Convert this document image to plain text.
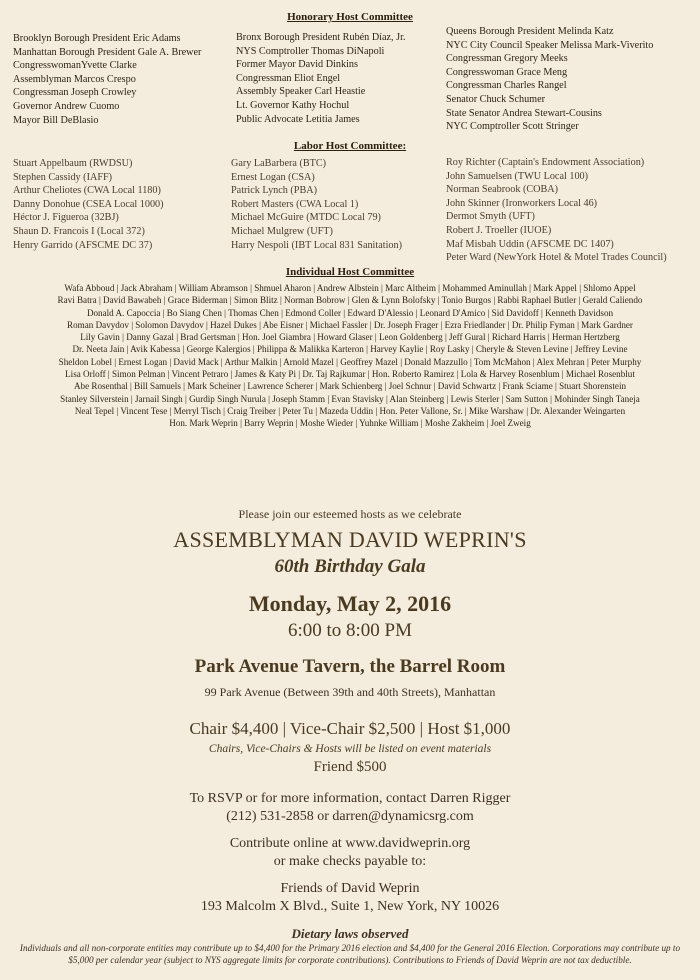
Honorary Host Committee
Brooklyn Borough President Eric Adams
Manhattan Borough President Gale A. Brewer
CongresswomanYvette Clarke
Assemblyman Marcos Crespo
Congressman Joseph Crowley
Governor Andrew Cuomo
Mayor Bill DeBlasio
Bronx Borough President Rubén Díaz, Jr.
NYS Comptroller Thomas DiNapoli
Former Mayor David Dinkins
Congressman Eliot Engel
Assembly Speaker Carl Heastie
Lt. Governor Kathy Hochul
Public Advocate Letitia James
Queens Borough President Melinda Katz
NYC City Council Speaker Melissa Mark-Viverito
Congressman Gregory Meeks
Congresswoman Grace Meng
Congressman Charles Rangel
Senator Chuck Schumer
State Senator Andrea Stewart-Cousins
NYC Comptroller Scott Stringer
Labor Host Committee:
Stuart Appelbaum (RWDSU)
Stephen Cassidy (IAFF)
Arthur Cheliotes (CWA Local 1180)
Danny Donohue (CSEA Local 1000)
Héctor J. Figueroa (32BJ)
Shaun D. Francois I (Local 372)
Henry Garrido (AFSCME DC 37)
Gary LaBarbera (BTC)
Ernest Logan (CSA)
Patrick Lynch (PBA)
Robert Masters (CWA Local 1)
Michael McGuire (MTDC Local 79)
Michael Mulgrew (UFT)
Harry Nespoli (IBT Local 831 Sanitation)
Roy Richter (Captain's Endowment Association)
John Samuelsen (TWU Local 100)
Norman Seabrook (COBA)
John Skinner (Ironworkers Local 46)
Dermot Smyth (UFT)
Robert J. Troeller (IUOE)
Maf Misbah Uddin (AFSCME DC 1407)
Peter Ward (NewYork Hotel & Motel Trades Council)
Individual Host Committee
Wafa Abboud | Jack Abraham | William Abramson | Shmuel Aharon | Andrew Albstein | Marc Altheim | Mohammed Aminullah | Mark Appel | Shlomo Appel
Ravi Batra | David Bawabeh | Grace Biderman | Simon Blitz | Norman Bobrow | Glen & Lynn Bolofsky | Tonio Burgos | Rabbi Raphael Butler | Gerald Caliendo
Donald A. Capoccia | Bo Siang Chen | Thomas Chen | Edmond Coller | Edward D'Alessio | Leonard D'Amico | Sid Davidoff | Kenneth Davidson
Roman Davydov | Solomon Davydov | Hazel Dukes | Abe Eisner | Michael Fassler | Dr. Joseph Frager | Ezra Friedlander | Dr. Philip Fyman | Mark Gardner
Lily Gavin | Danny Gazal | Brad Gertsman | Hon. Joel Giambra | Howard Glaser | Leon Goldenberg | Jeff Gural | Richard Harris | Herman Hertzberg
Dr. Neeta Jain | Avik Kabessa | George Kalergios | Philippa & Malikka Karteron | Harvey Kaylie | Roy Lasky | Cheryle & Steven Levine | Jeffrey Levine
Sheldon Lobel | Ernest Logan | David Mack | Arthur Malkin | Arnold Mazel | Geoffrey Mazel | Donald Mazzullo | Tom McMahon | Alex Mehran | Peter Murphy
Lisa Orloff | Simon Pelman | Vincent Petraro | James & Katy Pi | Dr. Taj Rajkumar | Hon. Roberto Ramirez | Lola & Harvey Rosenblum | Michael Rosenblut
Abe Rosenthal | Bill Samuels | Mark Scheiner | Lawrence Scherer | Mark Schienberg | Joel Schnur | David Schwartz | Frank Sciame | Stuart Shorenstein
Stanley Silverstein | Jarnail Singh | Gurdip Singh Nurula | Joseph Stamm | Evan Stavisky | Alan Steinberg | Lewis Sterler | Sam Sutton | Mohinder Singh Taneja
Neal Tepel | Vincent Tese | Merryl Tisch | Craig Treiber | Peter Tu | Mazeda Uddin | Hon. Peter Vallone, Sr. | Mike Warshaw | Dr. Alexander Weingarten
Hon. Mark Weprin | Barry Weprin | Moshe Wieder | Yuhnke William | Moshe Zakheim | Joel Zweig
Please join our esteemed hosts as we celebrate
ASSEMBLYMAN DAVID WEPRIN'S
60th Birthday Gala
Monday, May 2, 2016
6:00 to 8:00 PM
Park Avenue Tavern, the Barrel Room
99 Park Avenue (Between 39th and 40th Streets), Manhattan
Chair $4,400 | Vice-Chair $2,500 | Host $1,000
Chairs, Vice-Chairs & Hosts will be listed on event materials
Friend $500
To RSVP or for more information, contact Darren Rigger
(212) 531-2858 or darren@dynamicsrg.com
Contribute online at www.davidweprin.org
or make checks payable to:
Friends of David Weprin
193 Malcolm X Blvd., Suite 1, New York, NY 10026
Dietary laws observed
Individuals and all non-corporate entities may contribute up to $4,400 for the Primary 2016 election and $4,400 for the General 2016 Election. Corporations may contribute up to $5,000 per calendar year (subject to NYS aggregate limits for corporate contributions). Contributions to Friends of David Weprin are not tax deductible.
